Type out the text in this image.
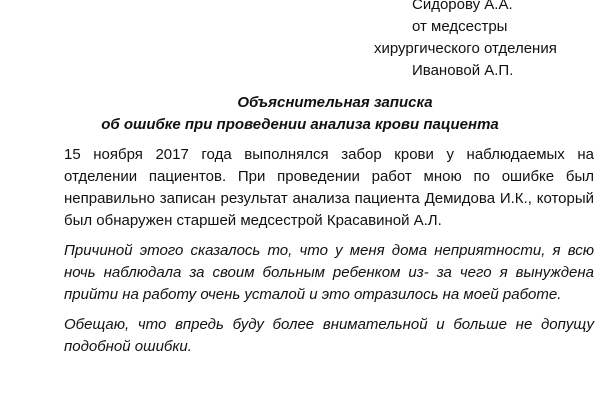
Сидорову А.А.
от медсестры
хирургического отделения
Ивановой А.П.
Объяснительная записка
об ошибке при проведении анализа крови пациента

15 ноября 2017 года выполнялся забор крови у наблюдаемых на отделении пациентов. При проведении работ мною по ошибке был неправильно записан результат анализа пациента Демидова И.К., который был обнаружен старшей медсестрой Красавиной А.Л.

Причиной этого сказалось то, что у меня дома неприятности, я всю ночь наблюдала за своим больным ребенком из- за чего я вынуждена прийти на работу очень усталой и это отразилось на моей работе.

Обещаю, что впредь буду более внимательной и больше не допущу подобной ошибки.
